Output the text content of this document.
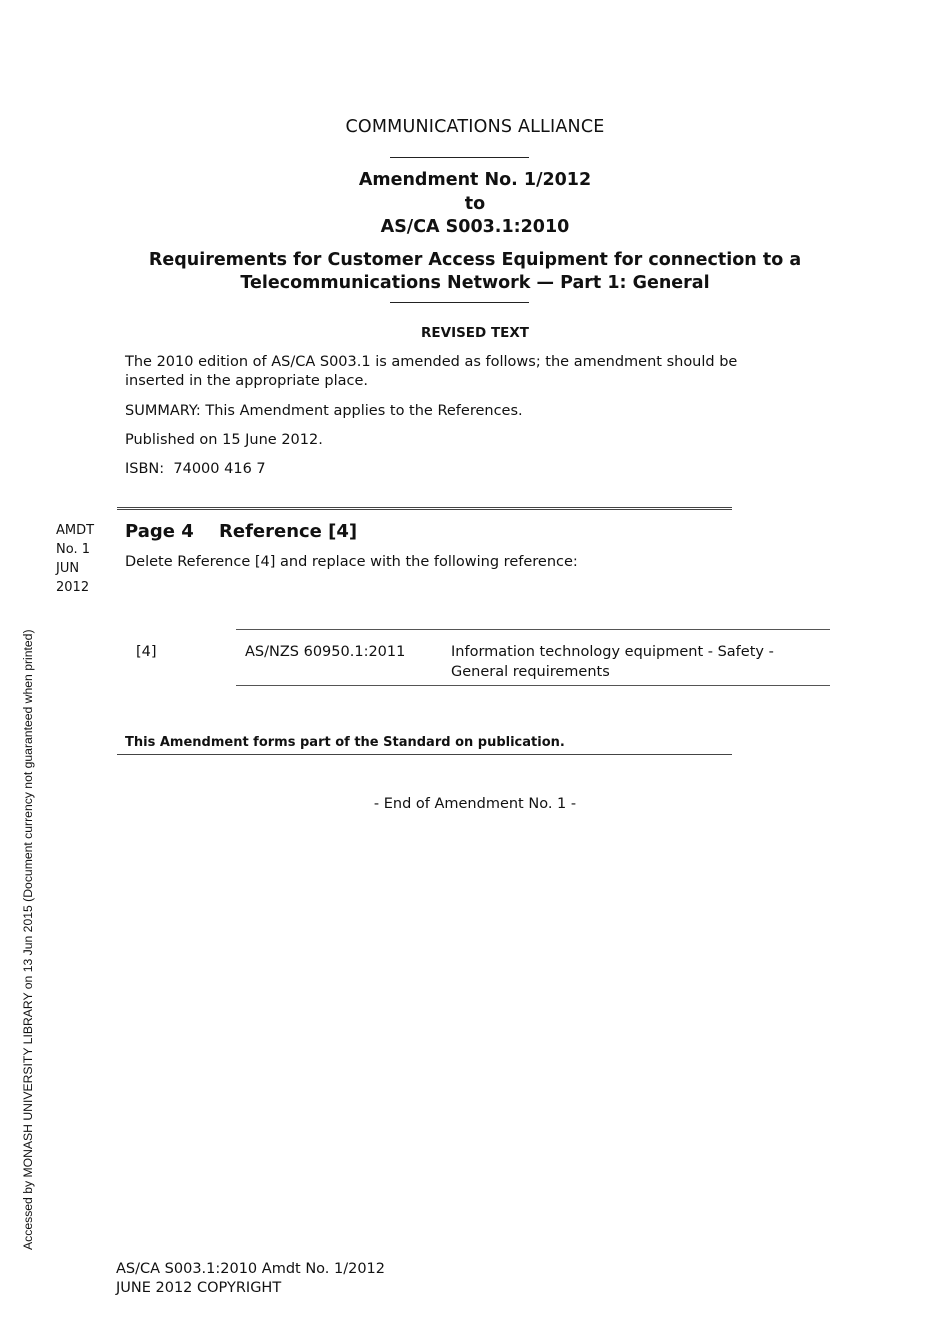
COMMUNICATIONS ALLIANCE
Amendment No. 1/2012
to
AS/CA S003.1:2010
Requirements for Customer Access Equipment for connection to a
Telecommunications Network — Part 1: General
REVISED TEXT
The 2010 edition of AS/CA S003.1 is amended as follows; the amendment should be inserted in the appropriate place.
SUMMARY: This Amendment applies to the References.
Published on 15 June 2012.
ISBN:  74000 416 7
AMDT
No. 1
JUN
2012
Page 4 Reference [4]
Delete Reference [4] and replace with the following reference:
[4]	AS/NZS 60950.1:2011	Information technology equipment - Safety - General requirements
This Amendment forms part of the Standard on publication.
- End of Amendment No. 1 -
Accessed by MONASH UNIVERSITY LIBRARY on 13 Jun 2015 (Document currency not guaranteed when printed)
AS/CA S003.1:2010 Amdt No. 1/2012
JUNE 2012 COPYRIGHT
